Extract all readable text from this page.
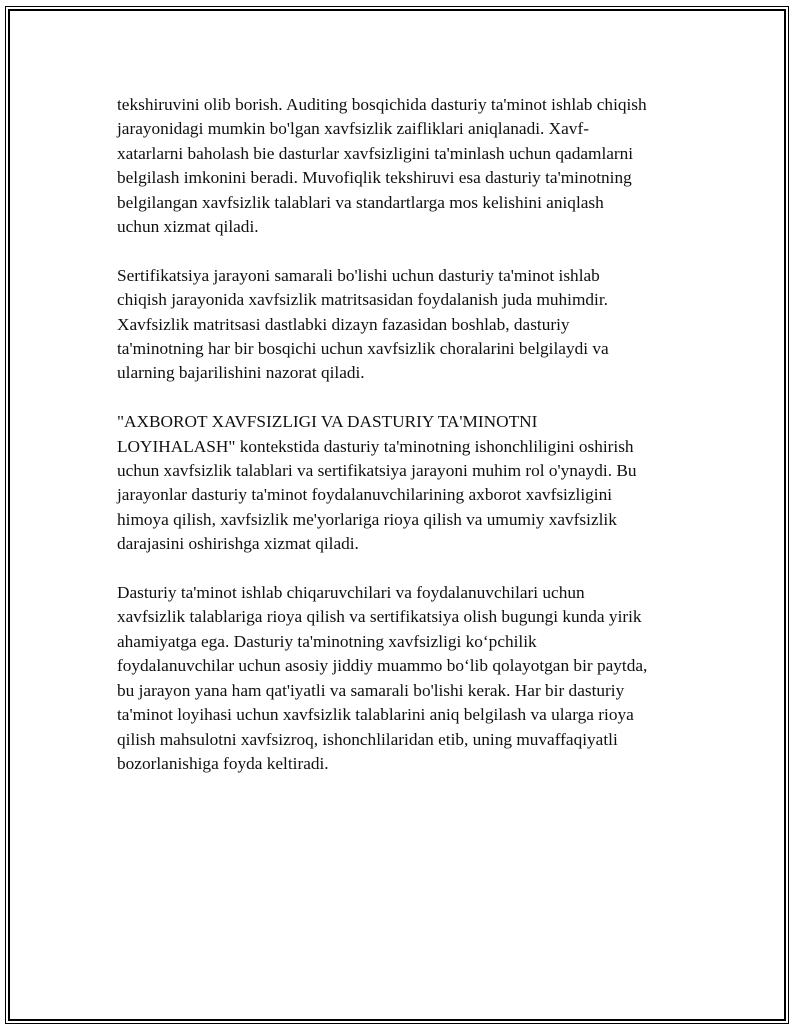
tekshiruvini olib borish. Auditing bosqichida dasturiy ta'minot ishlab chiqish
jarayonidagi mumkin bo'lgan xavfsizlik zaifliklari aniqlanadi. Xavf-
xatarlarni baholash bie dasturlar xavfsizligini ta'minlash uchun qadamlarni
belgilash imkonini beradi. Muvofiqlik tekshiruvi esa dasturiy ta'minotning
belgilangan xavfsizlik talablari va standartlarga mos kelishini aniqlash
uchun xizmat qiladi.

Sertifikatsiya jarayoni samarali bo'lishi uchun dasturiy ta'minot ishlab
chiqish jarayonida xavfsizlik matritsasidan foydalanish juda muhimdir.
Xavfsizlik matritsasi dastlabki dizayn fazasidan boshlab, dasturiy
ta'minotning har bir bosqichi uchun xavfsizlik choralarini belgilaydi va
ularning bajarilishini nazorat qiladi.

"AXBOROT XAVFSIZLIGI VA DASTURIY TA'MINOTNI
LOYIHALASH" kontekstida dasturiy ta'minotning ishonchliligini oshirish
uchun xavfsizlik talablari va sertifikatsiya jarayoni muhim rol o'ynaydi. Bu
jarayonlar dasturiy ta'minot foydalanuvchilarining axborot xavfsizligini
himoya qilish, xavfsizlik me'yorlariga rioya qilish va umumiy xavfsizlik
darajasini oshirishga xizmat qiladi.

Dasturiy ta'minot ishlab chiqaruvchilari va foydalanuvchilari uchun
xavfsizlik talablariga rioya qilish va sertifikatsiya olish bugungi kunda yirik
ahamiyatga ega. Dasturiy ta'minotning xavfsizligi ko‘pchilik
foydalanuvchilar uchun asosiy jiddiy muammo bo‘lib qolayotgan bir paytda,
bu jarayon yana ham qat'iyatli va samarali bo'lishi kerak. Har bir dasturiy
ta'minot loyihasi uchun xavfsizlik talablarini aniq belgilash va ularga rioya
qilish mahsulotni xavfsizroq, ishonchlilaridan etib, uning muvaffaqiyatli
bozorlanishiga foyda keltiradi.
